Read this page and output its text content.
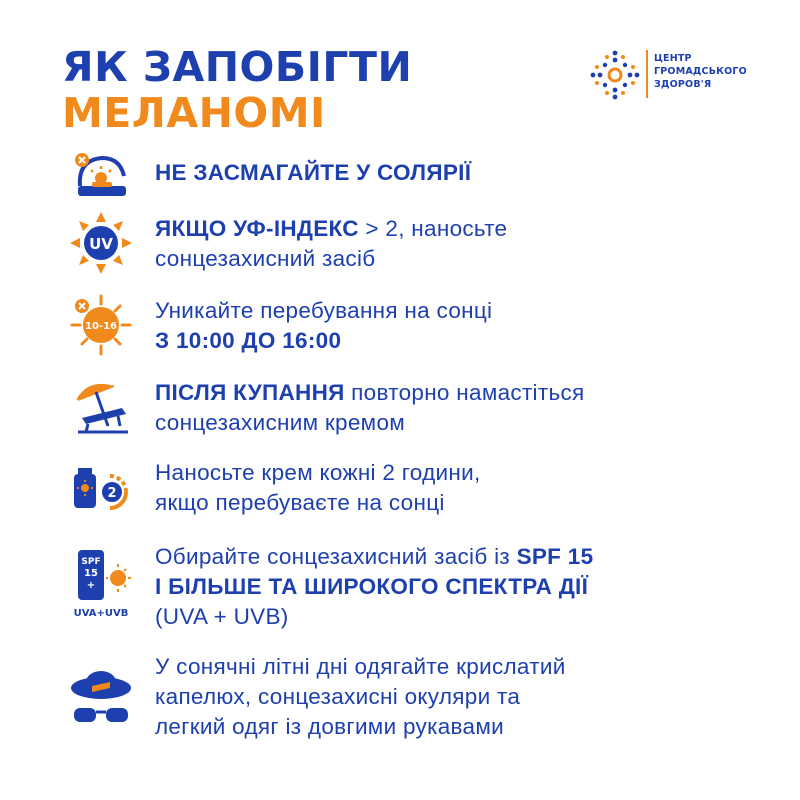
ЯК ЗАПОБІГТИ
МЕЛАНОМІ
ЦЕНТР
ГРОМАДСЬКОГО
ЗДОРОВ'Я
НЕ ЗАСМАГАЙТЕ У СОЛЯРІЇ
UV
ЯКЩО УФ-ІНДЕКС > 2, наносьте
сонцезахисний засіб
10-16
Уникайте перебування на сонці
З 10:00 ДО 16:00
ПІСЛЯ КУПАННЯ повторно намастіться
сонцезахисним кремом
2
Наносьте крем кожні 2 години,
якщо перебуваєте на сонці
SPF
15
+
UVA+UVB
Обирайте сонцезахисний засіб із SPF 15
І БІЛЬШЕ ТА ШИРОКОГО СПЕКТРА ДІЇ
(UVA + UVB)
У сонячні літні дні одягайте крислатий
капелюх, сонцезахисні окуляри та
легкий одяг із довгими рукавами
